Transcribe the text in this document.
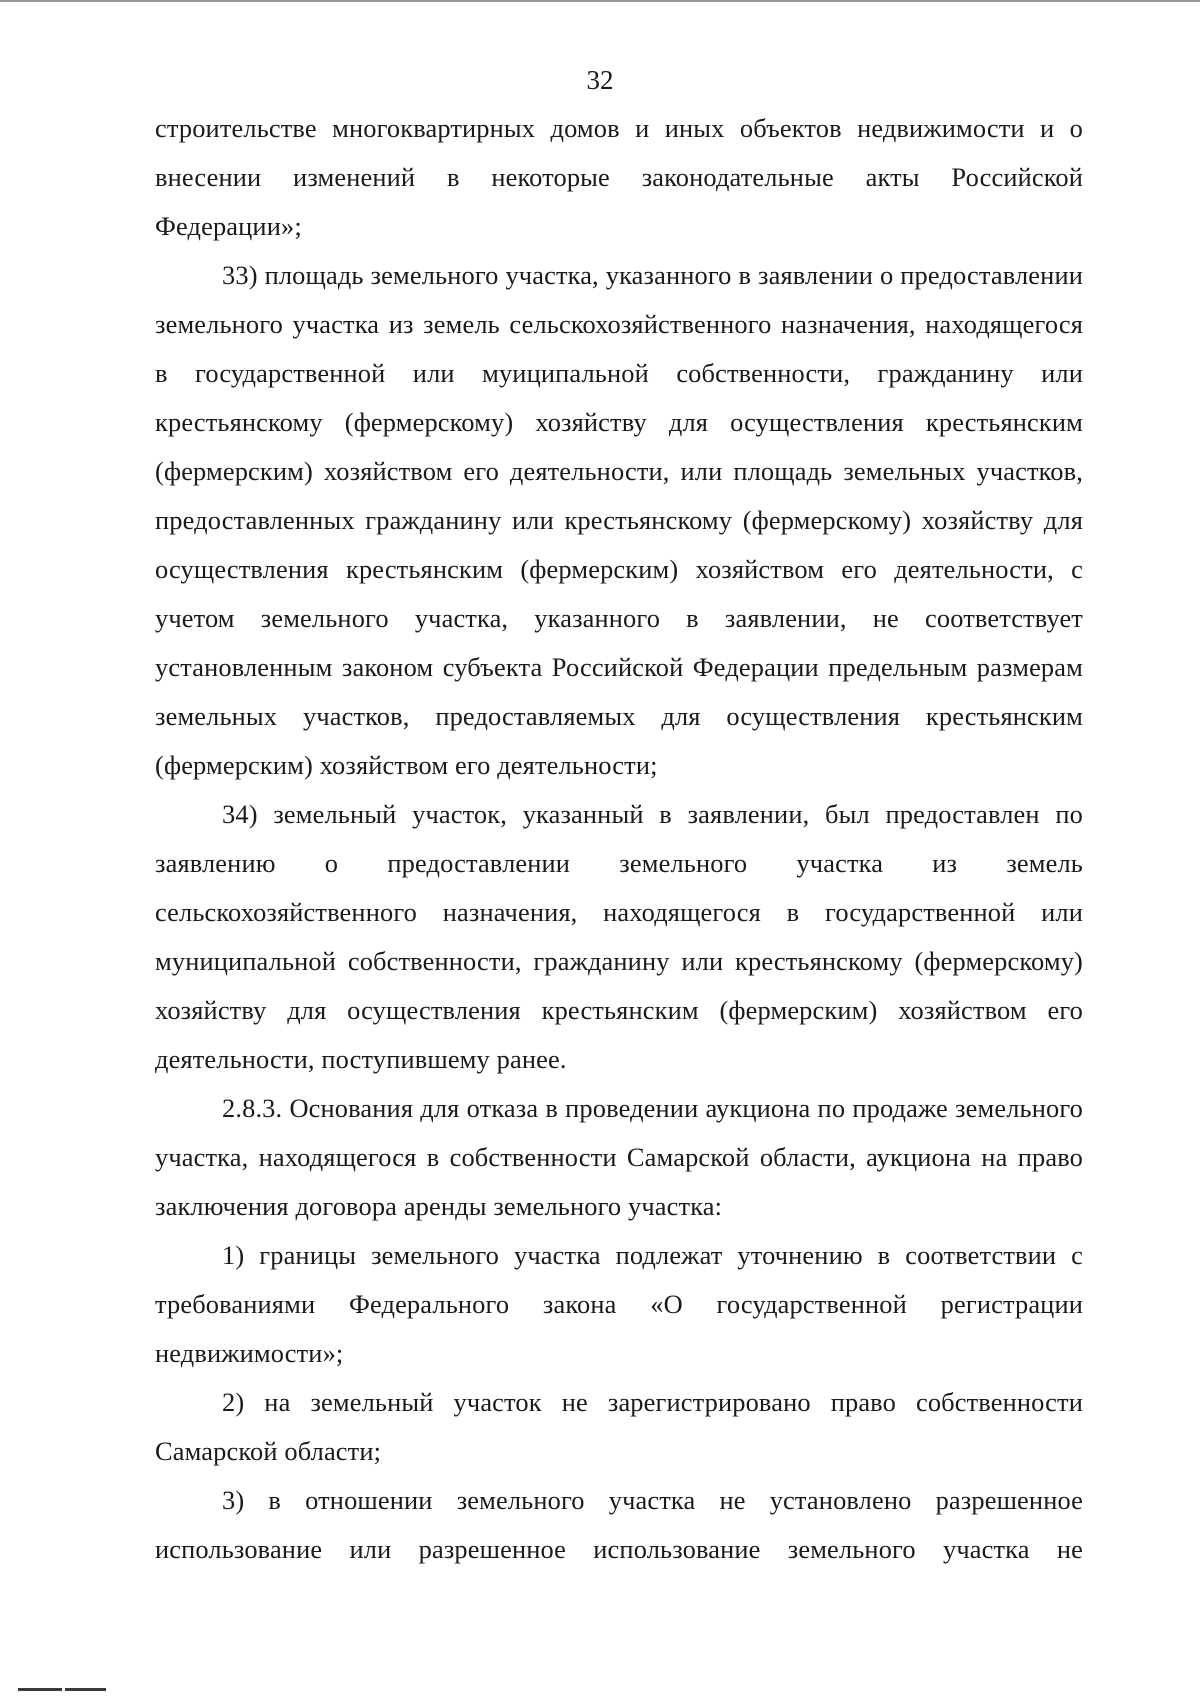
32

строительстве многоквартирных домов и иных объектов недвижимости и о внесении изменений в некоторые законодательные акты Российской Федерации»;

33) площадь земельного участка, указанного в заявлении о предоставлении земельного участка из земель сельскохозяйственного назначения, находящегося в государственной или муиципальной собственности, гражданину или крестьянскому (фермерскому) хозяйству для осуществления крестьянским (фермерским) хозяйством его деятельности, или площадь земельных участков, предоставленных гражданину или крестьянскому (фермерскому) хозяйству для осуществления крестьянским (фермерским) хозяйством его деятельности, с учетом земельного участка, указанного в заявлении, не соответствует установленным законом субъекта Российской Федерации предельным размерам земельных участков, предоставляемых для осуществления крестьянским (фермерским) хозяйством его деятельности;

34) земельный участок, указанный в заявлении, был предоставлен по заявлению о предоставлении земельного участка из земель сельскохозяйственного назначения, находящегося в государственной или муниципальной собственности, гражданину или крестьянскому (фермерскому) хозяйству для осуществления крестьянским (фермерским) хозяйством его деятельности, поступившему ранее.

2.8.3. Основания для отказа в проведении аукциона по продаже земельного участка, находящегося в собственности Самарской области, аукциона на право заключения договора аренды земельного участка:

1) границы земельного участка подлежат уточнению в соответствии с требованиями Федерального закона «О государственной регистрации недвижимости»;

2) на земельный участок не зарегистрировано право собственности Самарской области;

3) в отношении земельного участка не установлено разрешенное использование или разрешенное использование земельного участка не
